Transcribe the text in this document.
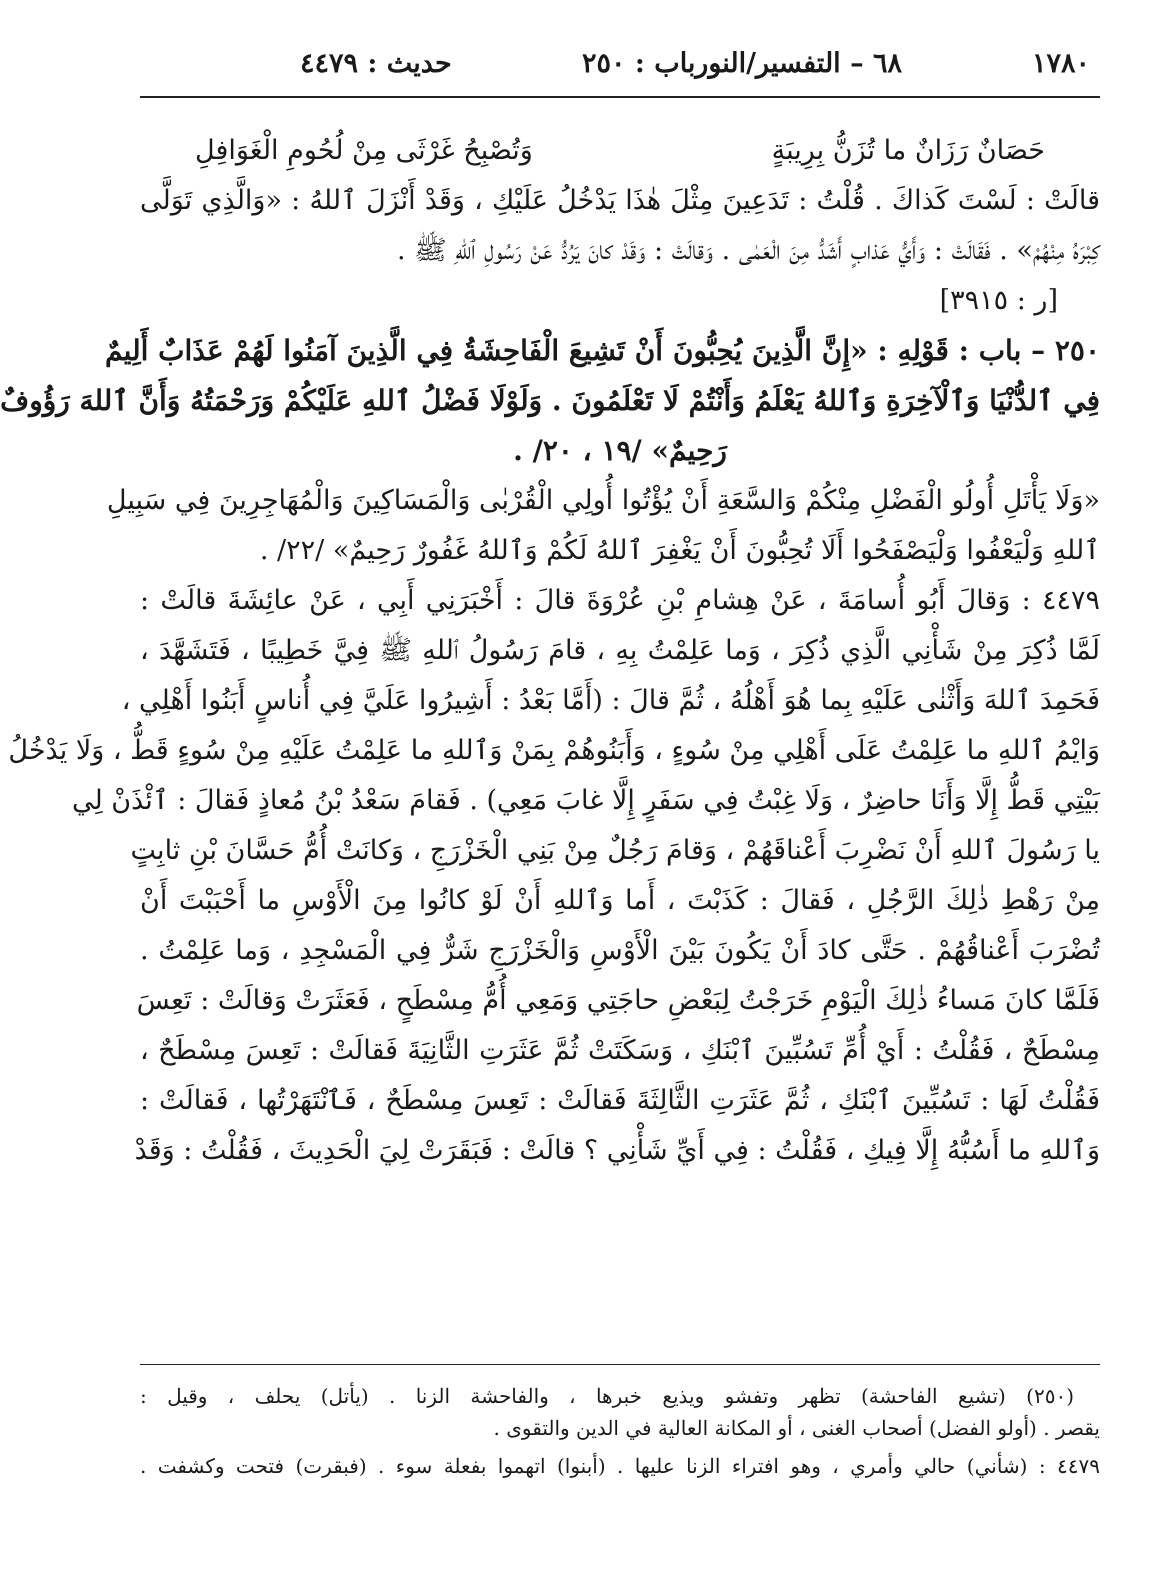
١٧٨٠
٦٨ – التفسير/النور
باب : ٢٥٠
حديث : ٤٤٧٩
حَصَانٌ رَزَانٌ ما تُزَنُّ بِرِيبَةٍ
وَتُصْبِحُ غَرْثَى مِنْ لُحُومِ الْغَوَافِلِ
قالَتْ : لَسْتَ كَذاكَ . قُلْتُ : تَدَعِينَ مِثْلَ هٰذَا يَدْخُلُ عَلَيْكِ ، وَقَدْ أَنْزَلَ ٱللهُ : «وَالَّذِي تَوَلَّى
كِبْرَهُ مِنْهُمْ» . فَقَالَتْ : وَأَيُّ عَذابٍ أَشَدُّ مِنَ الْعَمٰى . وَقالَتْ : وَقَدْ كانَ يَرُدُّ عَنْ رَسُولِ ٱللهِ ﷺ .
[ر : ٣٩١٥]
٢٥٠ – باب : قَوْلِهِ : «إِنَّ الَّذِينَ يُحِبُّونَ أَنْ تَشِيعَ الْفَاحِشَةُ فِي الَّذِينَ آمَنُوا لَهُمْ عَذَابٌ أَلِيمٌ
فِي ٱلدُّنْيَا وَٱلْآخِرَةِ وَٱللهُ يَعْلَمُ وَأَنْتُمْ لَا تَعْلَمُونَ . وَلَوْلَا فَضْلُ ٱللهِ عَلَيْكُمْ وَرَحْمَتُهُ وَأَنَّ ٱللهَ رَؤُوفٌ
رَحِيمٌ» /١٩ ، ٢٠/ .
«وَلَا يَأْتَلِ أُولُو الْفَضْلِ مِنْكُمْ وَالسَّعَةِ أَنْ يُؤْتُوا أُولِي الْقُرْبٰى وَالْمَسَاكِينَ وَالْمُهَاجِرِينَ فِي سَبِيلِ
ٱللهِ وَلْيَعْفُوا وَلْيَصْفَحُوا أَلَا تُحِبُّونَ أَنْ يَغْفِرَ ٱللهُ لَكُمْ وَٱللهُ غَفُورٌ رَحِيمٌ» /٢٢/ .
٤٤٧٩ : وَقالَ أَبُو أُسامَةَ ، عَنْ هِشامِ بْنِ عُرْوَةَ قالَ : أَخْبَرَنِي أَبِي ، عَنْ عائِشَةَ قالَتْ :
لَمَّا ذُكِرَ مِنْ شَأْنِي الَّذِي ذُكِرَ ، وَما عَلِمْتُ بِهِ ، قامَ رَسُولُ ٱللهِ ﷺ فِيَّ خَطِيبًا ، فَتَشَهَّدَ ،
فَحَمِدَ ٱللهَ وَأَثْنٰى عَلَيْهِ بِما هُوَ أَهْلُهُ ، ثُمَّ قالَ : (أَمَّا بَعْدُ : أَشِيرُوا عَلَيَّ فِي أُناسٍ أَبَنُوا أَهْلِي ،
وَايْمُ ٱللهِ ما عَلِمْتُ عَلَى أَهْلِي مِنْ سُوءٍ ، وَأَبَنُوهُمْ بِمَنْ وَٱللهِ ما عَلِمْتُ عَلَيْهِ مِنْ سُوءٍ قَطُّ ، وَلَا يَدْخُلُ
بَيْتِي قَطُّ إِلَّا وَأَنَا حاضِرٌ ، وَلَا غِبْتُ فِي سَفَرٍ إِلَّا غابَ مَعِي) . فَقامَ سَعْدُ بْنُ مُعاذٍ فَقالَ : ٱئْذَنْ لِي
يا رَسُولَ ٱللهِ أَنْ نَضْرِبَ أَعْناقَهُمْ ، وَقامَ رَجُلٌ مِنْ بَنِي الْخَزْرَجِ ، وَكانَتْ أُمُّ حَسَّانَ بْنِ ثابِتٍ
مِنْ رَهْطِ ذٰلِكَ الرَّجُلِ ، فَقالَ : كَذَبْتَ ، أَما وَٱللهِ أَنْ لَوْ كانُوا مِنَ الْأَوْسِ ما أَحْبَبْتَ أَنْ
تُضْرَبَ أَعْناقُهُمْ . حَتَّى كادَ أَنْ يَكُونَ بَيْنَ الْأَوْسِ وَالْخَزْرَجِ شَرٌّ فِي الْمَسْجِدِ ، وَما عَلِمْتُ .
فَلَمَّا كانَ مَساءُ ذٰلِكَ الْيَوْمِ خَرَجْتُ لِبَعْضِ حاجَتِي وَمَعِي أُمُّ مِسْطَحٍ ، فَعَثَرَتْ وَقالَتْ : تَعِسَ
مِسْطَحٌ ، فَقُلْتُ : أَيْ أُمِّ تَسُبِّينَ ٱبْنَكِ ، وَسَكَتَتْ ثُمَّ عَثَرَتِ الثَّانِيَةَ فَقالَتْ : تَعِسَ مِسْطَحٌ ،
فَقُلْتُ لَهَا : تَسُبِّينَ ٱبْنَكِ ، ثُمَّ عَثَرَتِ الثَّالِثَةَ فَقالَتْ : تَعِسَ مِسْطَحٌ ، فَٱنْتَهَرْتُها ، فَقالَتْ :
وَٱللهِ ما أَسُبُّهُ إِلَّا فِيكِ ، فَقُلْتُ : فِي أَيِّ شَأْنِي ؟ قالَتْ : فَبَقَرَتْ لِيَ الْحَدِيثَ ، فَقُلْتُ : وَقَدْ
(٢٥٠) (تشيع الفاحشة) تظهر وتفشو ويذيع خبرها ، والفاحشة الزنا . (يأتل) يحلف ، وقيل :
يقصر . (أولو الفضل) أصحاب الغنى ، أو المكانة العالية في الدين والتقوى .
٤٤٧٩ : (شأني) حالي وأمري ، وهو افتراء الزنا عليها . (أبنوا) اتهموا بفعلة سوء . (فبقرت) فتحت وكشفت .
